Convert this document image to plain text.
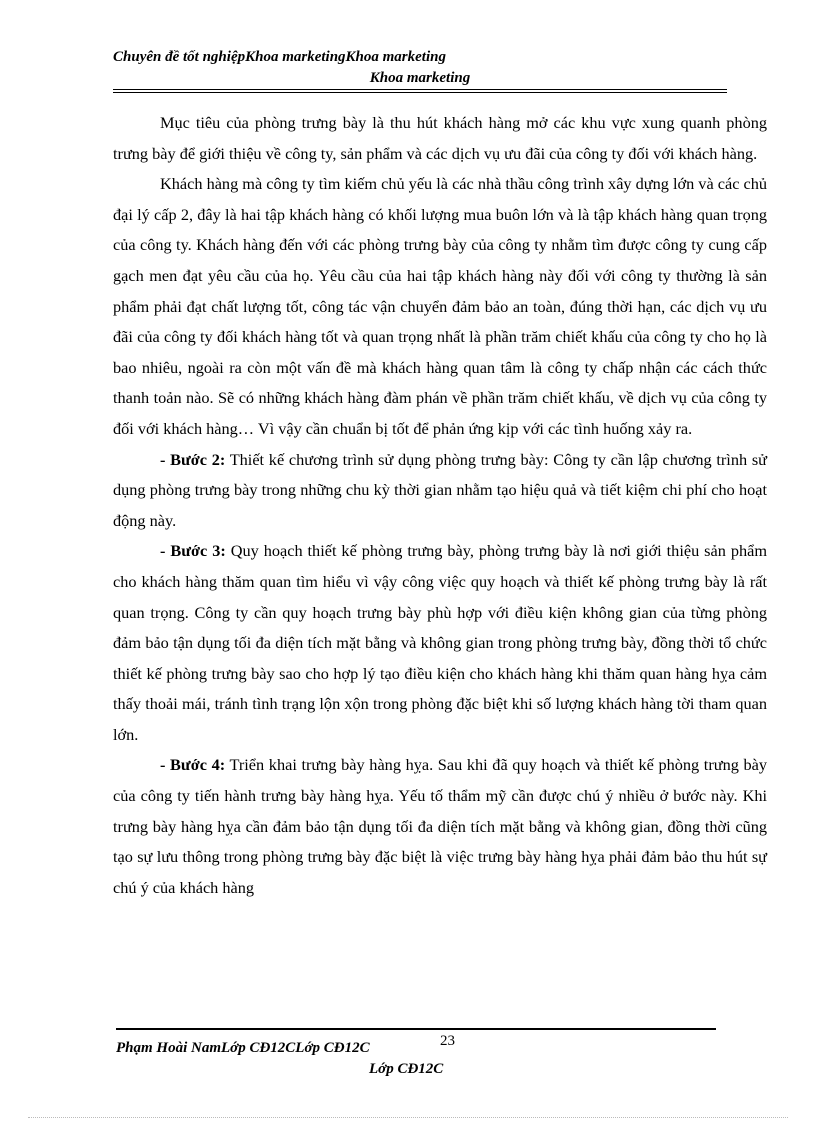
Chuyên đề tốt nghiệpKhoa marketingKhoa marketing
Khoa marketing

Mục tiêu của phòng trưng bày là thu hút khách hàng mở các khu vực xung quanh phòng trưng bày để giới thiệu về công ty, sản phẩm và các dịch vụ ưu đãi của công ty đối với khách hàng.

Khách hàng mà công ty tìm kiếm chủ yếu là các nhà thầu công trình xây dựng lớn và các chủ đại lý cấp 2, đây là hai tập khách hàng có khối lượng mua buôn lớn và là tập khách hàng quan trọng của công ty. Khách hàng đến với các phòng trưng bày của công ty nhằm tìm được công ty cung cấp gạch men đạt yêu cầu của họ. Yêu cầu của hai tập khách hàng này đối với công ty thường là sản phẩm phải đạt chất lượng tốt, công tác vận chuyển đảm bảo an toàn, đúng thời hạn, các dịch vụ ưu đãi của công ty đối khách hàng tốt và quan trọng nhất là phần trăm chiết khấu của công ty cho họ là bao nhiêu, ngoài ra còn một vấn đề mà khách hàng quan tâm là công ty chấp nhận các cách thức thanh toản nào. Sẽ có những khách hàng đàm phán về phần trăm chiết khấu, về dịch vụ của công ty đối với khách hàng… Vì vậy cần chuẩn bị tốt để phản ứng kịp với các tình huống xảy ra.

- Bước 2: Thiết kế chương trình sử dụng phòng trưng bày: Công ty cần lập chương trình sử dụng phòng trưng bày trong những chu kỳ thời gian nhằm tạo hiệu quả và tiết kiệm chi phí cho hoạt động này.

- Bước 3: Quy hoạch thiết kế phòng trưng bày, phòng trưng bày là nơi giới thiệu sản phẩm cho khách hàng thăm quan tìm hiểu vì vậy công việc quy hoạch và thiết kế phòng trưng bày là rất quan trọng. Công ty cần quy hoạch trưng bày phù hợp với điều kiện không gian của từng phòng đảm bảo tận dụng tối đa diện tích mặt bằng và không gian trong phòng trưng bày, đồng thời tổ chức thiết kế phòng trưng bày sao cho hợp lý tạo điều kiện cho khách hàng khi thăm quan hàng hỵa cảm thấy thoải mái, tránh tình trạng lộn xộn trong phòng đặc biệt khi số lượng khách hàng tời tham quan lớn.

- Bước 4: Triển khai trưng bày hàng hỵa. Sau khi đã quy hoạch và thiết kế phòng trưng bày của công ty tiến hành trưng bày hàng hỵa. Yếu tố thẩm mỹ cần được chú ý nhiều ở bước này. Khi trưng bày hàng hỵa cần đảm bảo tận dụng tối đa diện tích mặt bằng và không gian, đồng thời cũng tạo sự lưu thông trong phòng trưng bày đặc biệt là việc trưng bày hàng hỵa phải đảm bảo thu hút sự chú ý của khách hàng

23
Phạm Hoài NamLớp CĐ12CLớp CĐ12C
Lớp CĐ12C
